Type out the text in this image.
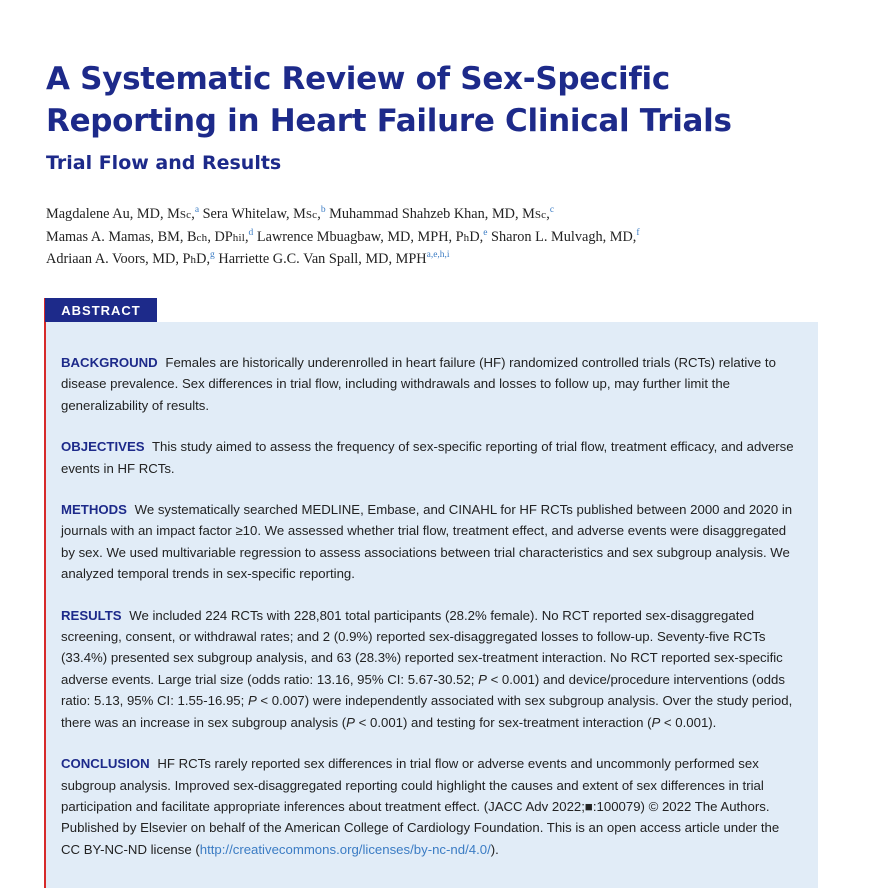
A Systematic Review of Sex-Specific
Reporting in Heart Failure Clinical Trials
Trial Flow and Results
Magdalene Au, MD, MSc,$^a$ Sera Whitelaw, MSc,$^b$ Muhammad Shahzeb Khan, MD, MSc,$^c$
Mamas A. Mamas, BM, Bch, DPhil,$^d$ Lawrence Mbuagbaw, MD, MPH, PhD,$^e$ Sharon L. Mulvagh, MD,$^f$
Adriaan A. Voors, MD, PhD,$^g$ Harriette G.C. Van Spall, MD, MPH$^{a,e,h,i}$
ABSTRACT

BACKGROUND Females are historically underenrolled in heart failure (HF) randomized controlled trials (RCTs) relative to disease prevalence. Sex differences in trial flow, including withdrawals and losses to follow up, may further limit the generalizability of results.

OBJECTIVES This study aimed to assess the frequency of sex-specific reporting of trial flow, treatment efficacy, and adverse events in HF RCTs.

METHODS We systematically searched MEDLINE, Embase, and CINAHL for HF RCTs published between 2000 and 2020 in journals with an impact factor ≥10. We assessed whether trial flow, treatment effect, and adverse events were disaggregated by sex. We used multivariable regression to assess associations between trial characteristics and sex subgroup analysis. We analyzed temporal trends in sex-specific reporting.

RESULTS We included 224 RCTs with 228,801 total participants (28.2% female). No RCT reported sex-disaggregated screening, consent, or withdrawal rates; and 2 (0.9%) reported sex-disaggregated losses to follow-up. Seventy-five RCTs (33.4%) presented sex subgroup analysis, and 63 (28.3%) reported sex-treatment interaction. No RCT reported sex-specific adverse events. Large trial size (odds ratio: 13.16, 95% CI: 5.67-30.52; P < 0.001) and device/procedure interventions (odds ratio: 5.13, 95% CI: 1.55-16.95; P < 0.007) were independently associated with sex subgroup analysis. Over the study period, there was an increase in sex subgroup analysis (P < 0.001) and testing for sex-treatment interaction (P < 0.001).

CONCLUSION HF RCTs rarely reported sex differences in trial flow or adverse events and uncommonly performed sex subgroup analysis. Improved sex-disaggregated reporting could highlight the causes and extent of sex differences in trial participation and facilitate appropriate inferences about treatment effect. (JACC Adv 2022;■:100079) © 2022 The Authors. Published by Elsevier on behalf of the American College of Cardiology Foundation. This is an open access article under the CC BY-NC-ND license (http://creativecommons.org/licenses/by-nc-nd/4.0/).
